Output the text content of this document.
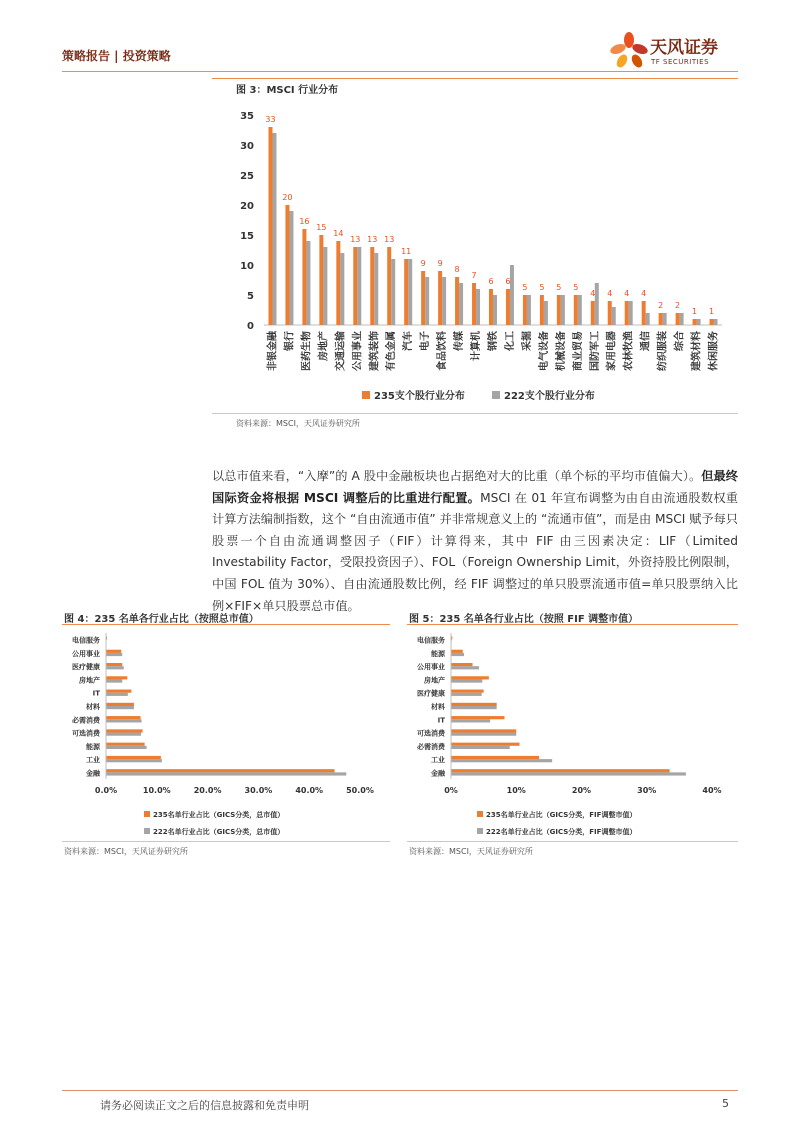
策略报告 | 投资策略	天风证券
TF SECURITIES
图 3：MSCI 行业分布
0
5
10
15
20
25
30
35 33
非银金融
20
银行
16
医药生物
15
房地产
14
交通运输
13
公用事业
13
建筑装饰
13
有色金属
11
汽车
9
电子
9
食品饮料
8
传媒
7
计算机
6
钢铁
6
化工
5
采掘
5
电气设备
5
机械设备
5
商业贸易
4
国防军工
4
家用电器
4
农林牧渔
4
通信
2
纺织服装
2
综合
1
建筑材料
1
休闲服务
235支个股行业分布	222支个股行业分布
资料来源：MSCI，天风证券研究所
以总市值来看，“入摩”的 A 股中金融板块也占据绝对大的比重（单个标的平均市值偏大）。但最终国际资金将根据 MSCI 调整后的比重进行配置。MSCI 在 01 年宣布调整为由自由流通股数权重计算方法编制指数，这个 “自由流通市值” 并非常规意义上的 “流通市值”，而是由 MSCI 赋予每只股票一个自由流通调整因子（FIF）计算得来，其中 FIF 由三因素决定：LIF（Limited Investability Factor，受限投资因子）、FOL（Foreign Ownership Limit，外资持股比例限制，中国 FOL 值为 30%）、自由流通股数比例，经 FIF 调整过的单只股票流通市值=单只股票纳入比例×FIF×单只股票总市值。
图 4：235 名单各行业占比（按照总市值）
电信服务
公用事业
医疗健康
房地产
IT
材料
必需消费
可选消费
能源
工业
金融
0.0%	10.0%	20.0%	30.0%	40.0%	50.0%
235名单行业占比（GICS分类，总市值）
222名单行业占比（GICS分类，总市值）
资料来源：MSCI，天风证券研究所
图 5：235 名单各行业占比（按照 FIF 调整市值）
电信服务
能源
公用事业
房地产
医疗健康
材料
IT
可选消费
必需消费
工业
金融
0%	10%	20%	30%	40%
235名单行业占比（GICS分类，FIF调整市值）
222名单行业占比（GICS分类，FIF调整市值）
资料来源：MSCI，天风证券研究所
请务必阅读正文之后的信息披露和免责申明	5
